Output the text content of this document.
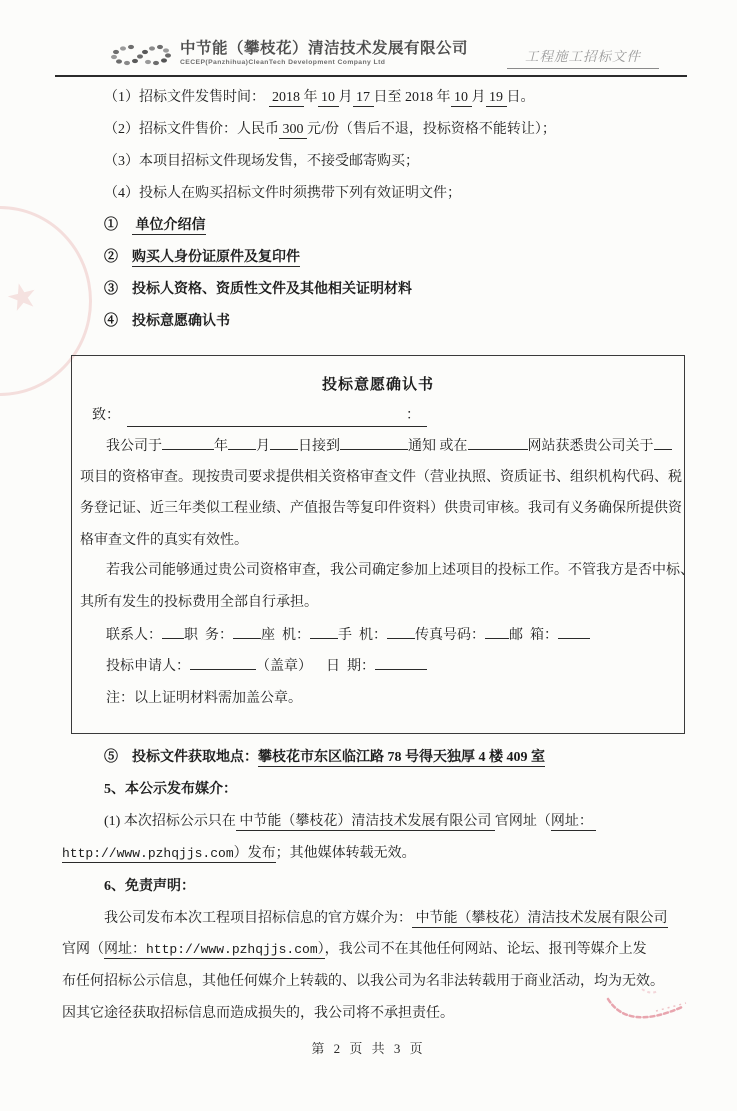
中节能（攀枝花）清洁技术发展有限公司
CECEP(Panzhihua)CleanTech Development Company Ltd	工程施工招标文件
★
（1）招标文件发售时间：  2018 年 10 月 17 日至 2018 年 10 月 19 日。
（2）招标文件售价：人民币 300 元/份（售后不退，投标资格不能转让）；
（3）本项目招标文件现场发售，不接受邮寄购买；
（4）投标人在购买招标文件时须携带下列有效证明文件；
①     单位介绍信
②    购买人身份证原件及复印件
③    投标人资格、资质性文件及其他相关证明材料
④    投标意愿确认书
投标意愿确认书
致：	：
我公司于	年 月 日接到	通知 或在	网站获悉贵公司关于
项目的资格审查。现按贵司要求提供相关资格审查文件（营业执照、资质证书、组织机构代码、税
务登记证、近三年类似工程业绩、产值报告等复印件资料）供贵司审核。我司有义务确保所提供资
格审查文件的真实有效性。
若我公司能够通过贵公司资格审查，我公司确定参加上述项目的投标工作。不管我方是否中标、
其所有发生的投标费用全部自行承担。
联系人： 职  务： 座  机： 手  机： 传真号码： 邮  箱：
投标申请人：	（盖章）    日  期：
注：以上证明材料需加盖公章。
⑤    投标文件获取地点：攀枝花市东区临江路 78 号得天独厚 4 楼 409 室
5、本公示发布媒介：
(1) 本次招标公示只在 中节能（攀枝花）清洁技术发展有限公司 官网址（网址：
http://www.pzhqjjs.com）发布；其他媒体转载无效。
6、免责声明：
我公司发布本次工程项目招标信息的官方媒介为： 中节能（攀枝花）清洁技术发展有限公司
官网（网址：http://www.pzhqjjs.com），我公司不在其他任何网站、论坛、报刊等媒介上发
布任何招标公示信息，其他任何媒介上转载的、以我公司为名非法转载用于商业活动，均为无效。
因其它途径获取招标信息而造成损失的，我公司将不承担责任。
第 2 页 共 3 页
